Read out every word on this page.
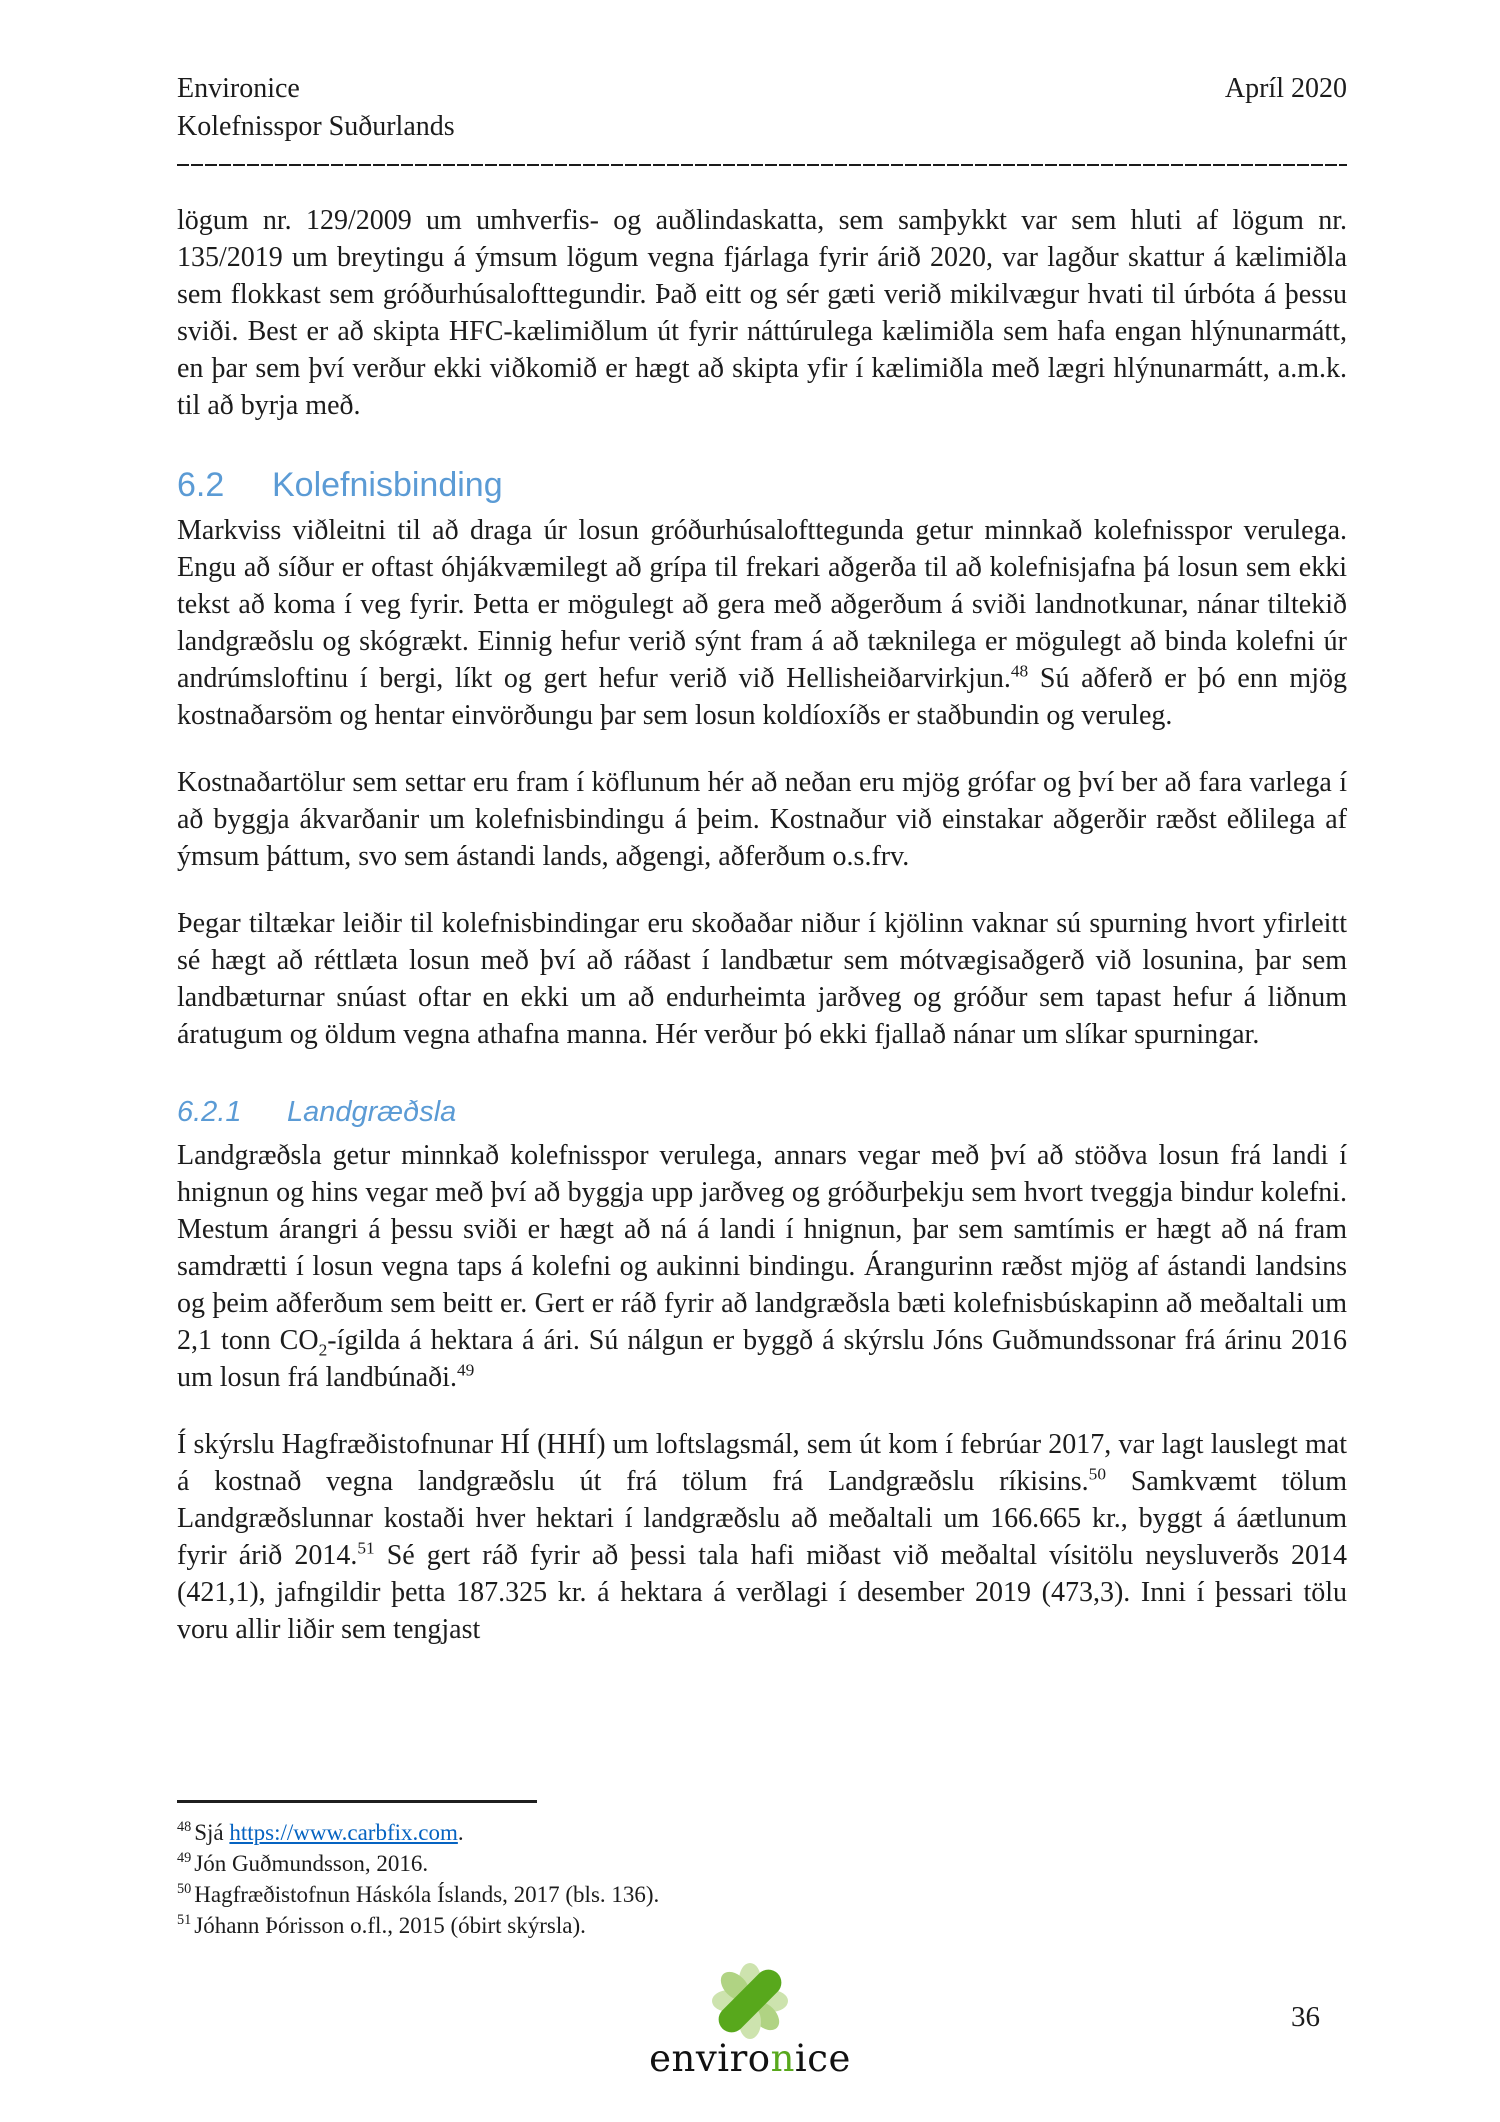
Environice
Kolefnisspor Suðurlands
Apríl 2020

lögum nr. 129/2009 um umhverfis- og auðlindaskatta, sem samþykkt var sem hluti af lögum nr. 135/2019 um breytingu á ýmsum lögum vegna fjárlaga fyrir árið 2020, var lagður skattur á kælimiðla sem flokkast sem gróðurhúsalofttegundir. Það eitt og sér gæti verið mikilvægur hvati til úrbóta á þessu sviði. Best er að skipta HFC-kælimiðlum út fyrir náttúrulega kælimiðla sem hafa engan hlýnunarmátt, en þar sem því verður ekki viðkomið er hægt að skipta yfir í kælimiðla með lægri hlýnunarmátt, a.m.k. til að byrja með.

6.2 Kolefnisbinding

Markviss viðleitni til að draga úr losun gróðurhúsalofttegunda getur minnkað kolefnisspor verulega. Engu að síður er oftast óhjákvæmilegt að grípa til frekari aðgerða til að kolefnisjafna þá losun sem ekki tekst að koma í veg fyrir. Þetta er mögulegt að gera með aðgerðum á sviði landnotkunar, nánar tiltekið landgræðslu og skógrækt. Einnig hefur verið sýnt fram á að tæknilega er mögulegt að binda kolefni úr andrúmsloftinu í bergi, líkt og gert hefur verið við Hellisheiðarvirkjun.$^{48}$ Sú aðferð er þó enn mjög kostnaðarsöm og hentar einvörðungu þar sem losun koldíoxíðs er staðbundin og veruleg.

Kostnaðartölur sem settar eru fram í köflunum hér að neðan eru mjög grófar og því ber að fara varlega í að byggja ákvarðanir um kolefnisbindingu á þeim. Kostnaður við einstakar aðgerðir ræðst eðlilega af ýmsum þáttum, svo sem ástandi lands, aðgengi, aðferðum o.s.frv.

Þegar tiltækar leiðir til kolefnisbindingar eru skoðaðar niður í kjölinn vaknar sú spurning hvort yfirleitt sé hægt að réttlæta losun með því að ráðast í landbætur sem mótvægisaðgerð við losunina, þar sem landbæturnar snúast oftar en ekki um að endurheimta jarðveg og gróður sem tapast hefur á liðnum áratugum og öldum vegna athafna manna. Hér verður þó ekki fjallað nánar um slíkar spurningar.

6.2.1 Landgræðsla

Landgræðsla getur minnkað kolefnisspor verulega, annars vegar með því að stöðva losun frá landi í hnignun og hins vegar með því að byggja upp jarðveg og gróðurþekju sem hvort tveggja bindur kolefni. Mestum árangri á þessu sviði er hægt að ná á landi í hnignun, þar sem samtímis er hægt að ná fram samdrætti í losun vegna taps á kolefni og aukinni bindingu. Árangurinn ræðst mjög af ástandi landsins og þeim aðferðum sem beitt er. Gert er ráð fyrir að landgræðsla bæti kolefnisbúskapinn að meðaltali um 2,1 tonn $CO_2$-ígilda á hektara á ári. Sú nálgun er byggð á skýrslu Jóns Guðmundssonar frá árinu 2016 um losun frá landbúnaði.$^{49}$

Í skýrslu Hagfræðistofnunar HÍ (HHÍ) um loftslagsmál, sem út kom í febrúar 2017, var lagt lauslegt mat á kostnað vegna landgræðslu út frá tölum frá Landgræðslu ríkisins.$^{50}$ Samkvæmt tölum Landgræðslunnar kostaði hver hektari í landgræðslu að meðaltali um 166.665 kr., byggt á áætlunum fyrir árið 2014.51 Sé gert ráð fyrir að þessi tala hafi miðast við meðaltal vísitölu neysluverðs 2014 (421,1), jafngildir þetta 187.325 kr. á hektara á verðlagi í desember 2019 (473,3). Inni í þessari tölu voru allir liðir sem tengjast

$^{48}$ Sjá https://www.carbfix.com.
$^{49}$ Jón Guðmundsson, 2016.
$^{50}$ Hagfræðistofnun Háskóla Íslands, 2017 (bls. 136).
$^{51}$ Jóhann Þórisson o.fl., 2015 (óbirt skýrsla).
environice
36
